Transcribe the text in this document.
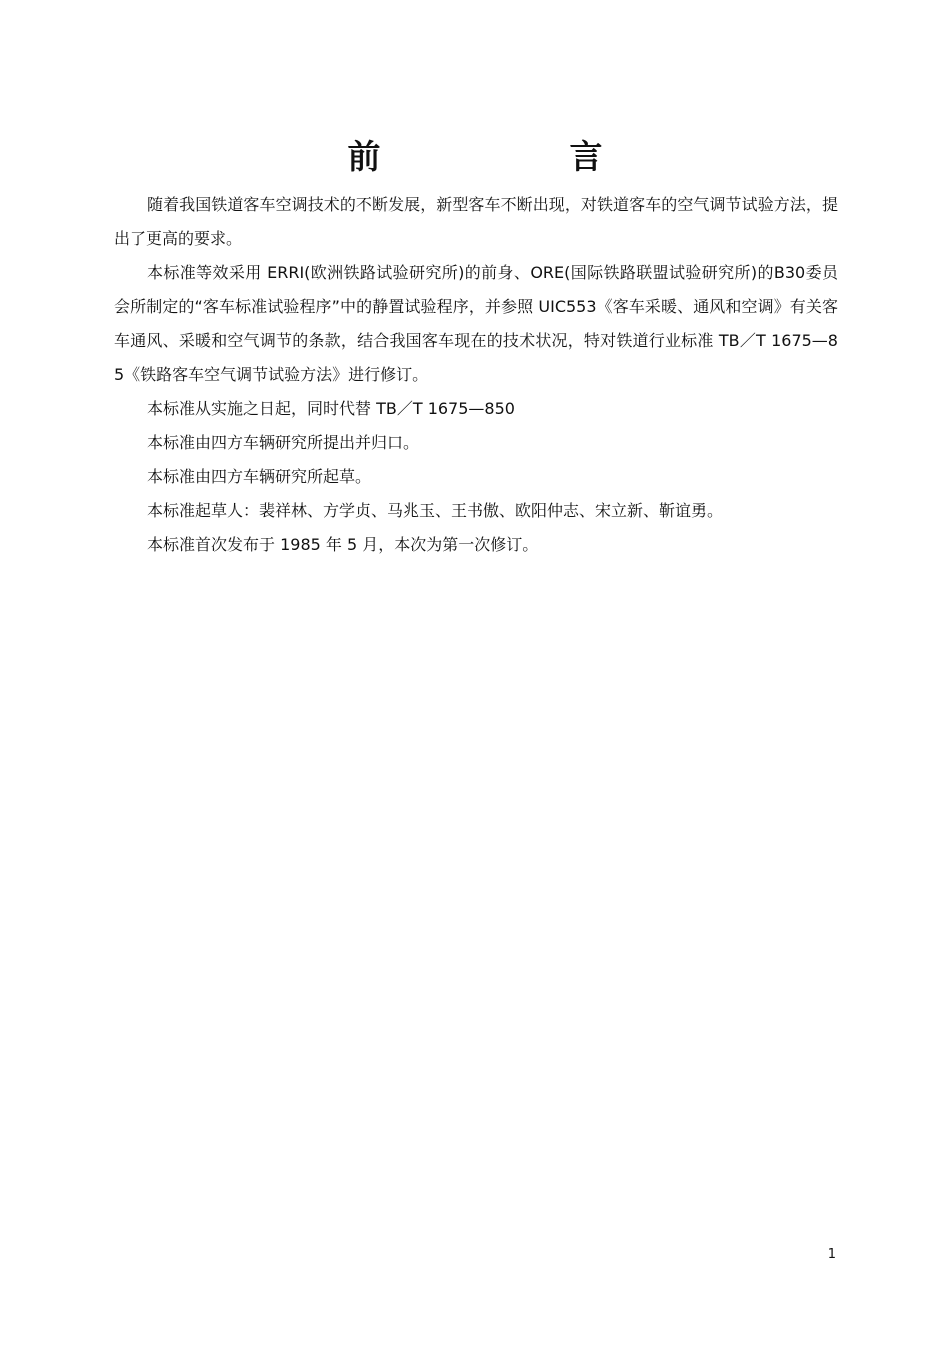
前　言

随着我国铁道客车空调技术的不断发展，新型客车不断出现，对铁道客车的空气调节试验方法，提出了更高的要求。

本标准等效采用 ERRI(欧洲铁路试验研究所)的前身、ORE(国际铁路联盟试验研究所)的B30委员会所制定的“客车标准试验程序”中的静置试验程序，并参照 UIC553《客车采暖、通风和空调》有关客车通风、采暖和空气调节的条款，结合我国客车现在的技术状况，特对铁道行业标准 TB／T 1675—85《铁路客车空气调节试验方法》进行修订。

本标准从实施之日起，同时代替 TB／T 1675—850

本标准由四方车辆研究所提出并归口。

本标准由四方车辆研究所起草。

本标准起草人：裴祥林、方学贞、马兆玉、王书傲、欧阳仲志、宋立新、靳谊勇。

本标准首次发布于 1985 年 5 月，本次为第一次修订。

1
